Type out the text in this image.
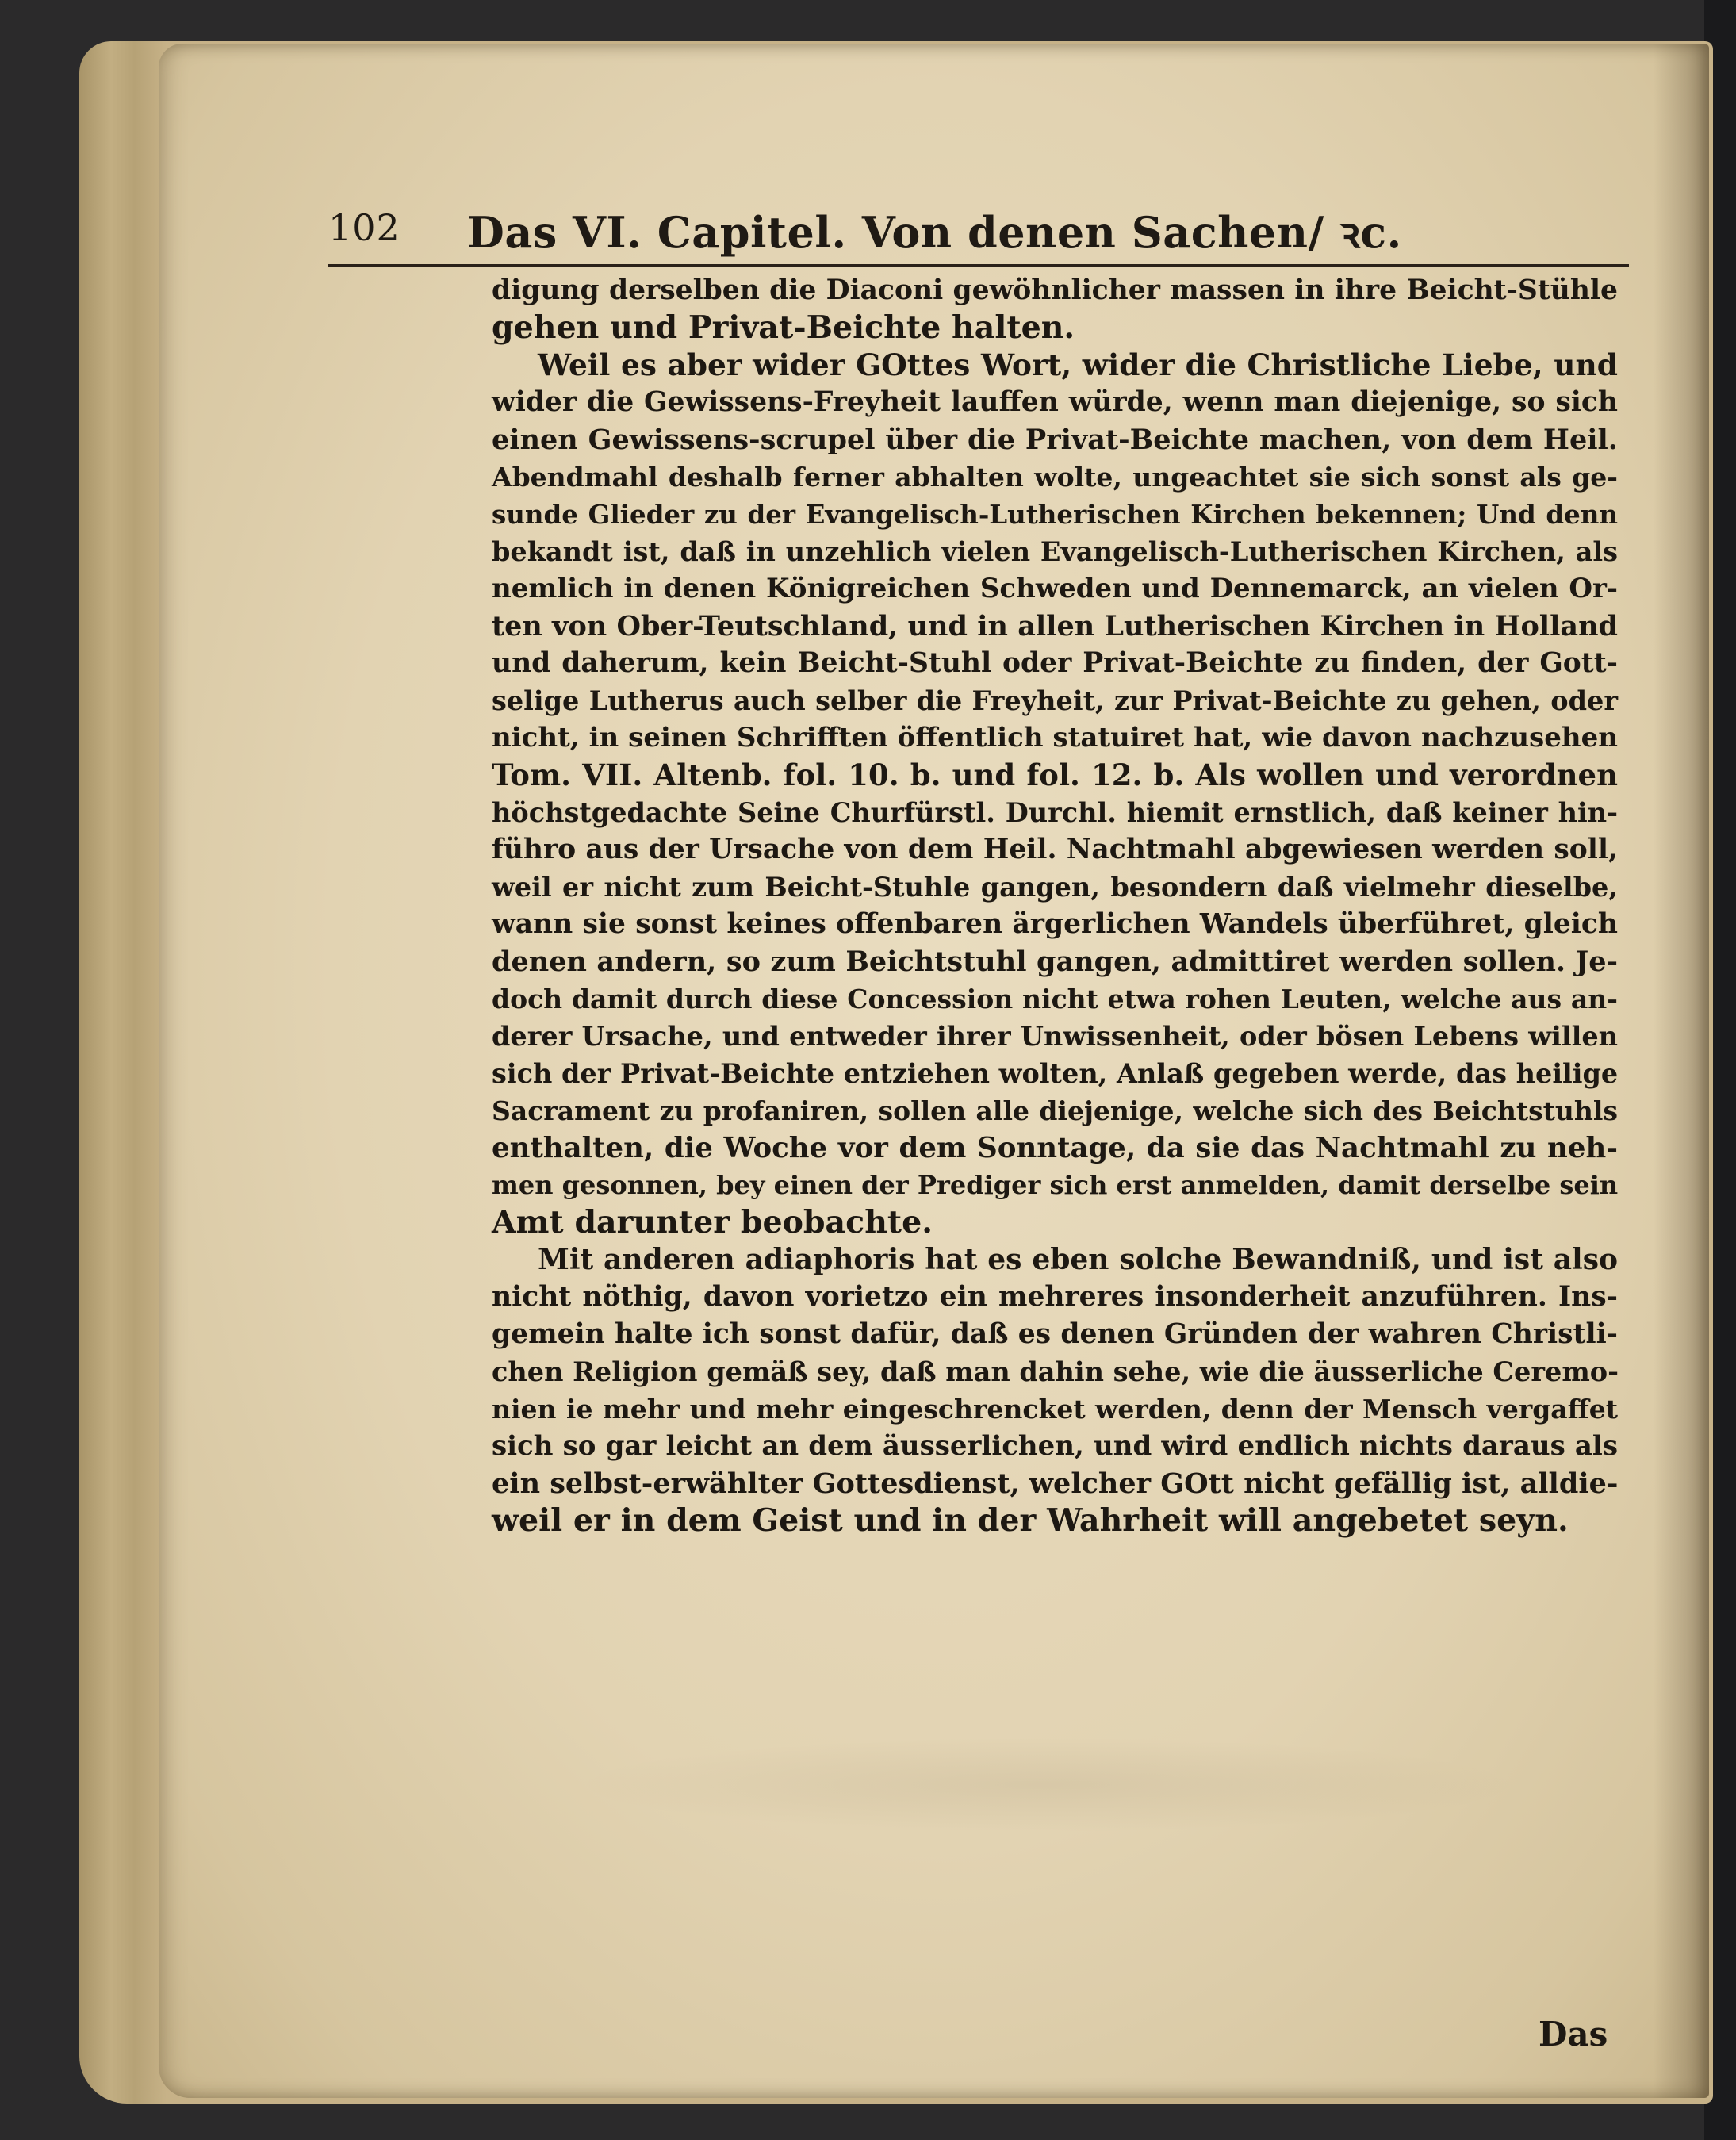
102 Das VI. Capitel. Von denen Sachen/ ꝛc.
digung derselben die Diaconi gewöhnlicher massen in ihre Beicht-Stühle
gehen und Privat-Beichte halten.
Weil es aber wider GOttes Wort, wider die Christliche Liebe, und
wider die Gewissens-Freyheit lauffen würde, wenn man diejenige, so sich
einen Gewissens-scrupel über die Privat-Beichte machen, von dem Heil.
Abendmahl deshalb ferner abhalten wolte, ungeachtet sie sich sonst als ge-
sunde Glieder zu der Evangelisch-Lutherischen Kirchen bekennen; Und denn
bekandt ist, daß in unzehlich vielen Evangelisch-Lutherischen Kirchen, als
nemlich in denen Königreichen Schweden und Dennemarck, an vielen Or-
ten von Ober-Teutschland, und in allen Lutherischen Kirchen in Holland
und daherum, kein Beicht-Stuhl oder Privat-Beichte zu finden, der Gott-
selige Lutherus auch selber die Freyheit, zur Privat-Beichte zu gehen, oder
nicht, in seinen Schrifften öffentlich statuiret hat, wie davon nachzusehen
Tom. VII. Altenb. fol. 10. b. und fol. 12. b. Als wollen und verordnen
höchstgedachte Seine Churfürstl. Durchl. hiemit ernstlich, daß keiner hin-
führo aus der Ursache von dem Heil. Nachtmahl abgewiesen werden soll,
weil er nicht zum Beicht-Stuhle gangen, besondern daß vielmehr dieselbe,
wann sie sonst keines offenbaren ärgerlichen Wandels überführet, gleich
denen andern, so zum Beichtstuhl gangen, admittiret werden sollen. Je-
doch damit durch diese Concession nicht etwa rohen Leuten, welche aus an-
derer Ursache, und entweder ihrer Unwissenheit, oder bösen Lebens willen
sich der Privat-Beichte entziehen wolten, Anlaß gegeben werde, das heilige
Sacrament zu profaniren, sollen alle diejenige, welche sich des Beichtstuhls
enthalten, die Woche vor dem Sonntage, da sie das Nachtmahl zu neh-
men gesonnen, bey einen der Prediger sich erst anmelden, damit derselbe sein
Amt darunter beobachte.
Mit anderen adiaphoris hat es eben solche Bewandniß, und ist also
nicht nöthig, davon vorietzo ein mehreres insonderheit anzuführen. Ins-
gemein halte ich sonst dafür, daß es denen Gründen der wahren Christli-
chen Religion gemäß sey, daß man dahin sehe, wie die äusserliche Ceremo-
nien ie mehr und mehr eingeschrencket werden, denn der Mensch vergaffet
sich so gar leicht an dem äusserlichen, und wird endlich nichts daraus als
ein selbst-erwählter Gottesdienst, welcher GOtt nicht gefällig ist, alldie-
weil er in dem Geist und in der Wahrheit will angebetet seyn.
Das
